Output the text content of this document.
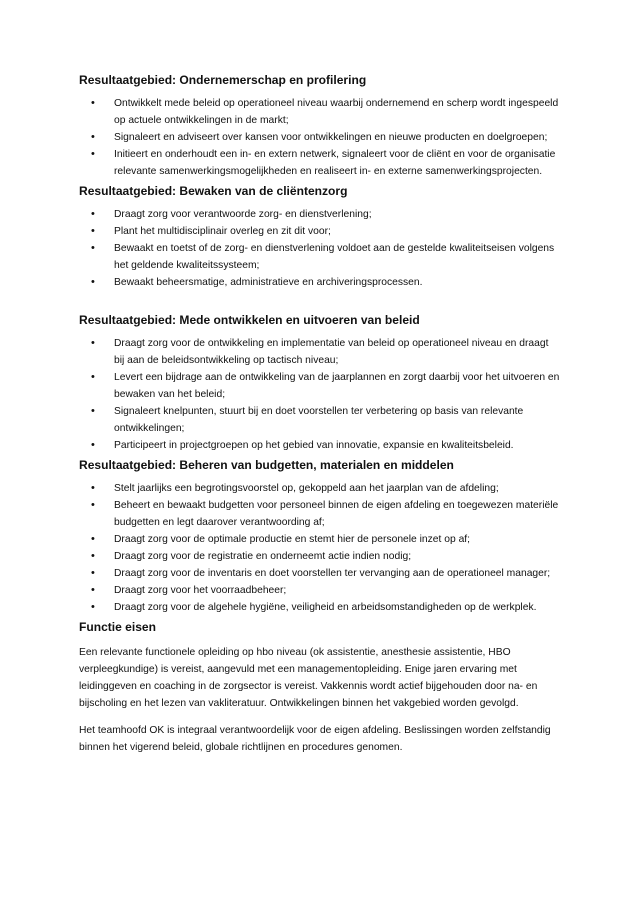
Resultaatgebied: Ondernemerschap en profilering
• Ontwikkelt mede beleid op operationeel niveau waarbij ondernemend en scherp wordt ingespeeld op actuele ontwikkelingen in de markt;
• Signaleert en adviseert over kansen voor ontwikkelingen en nieuwe producten en doelgroepen;
• Initieert en onderhoudt een in- en extern netwerk, signaleert voor de cliënt en voor de organisatie relevante samenwerkingsmogelijkheden en realiseert in- en externe samenwerkingsprojecten.
Resultaatgebied: Bewaken van de cliëntenzorg
• Draagt zorg voor verantwoorde zorg- en dienstverlening;
• Plant het multidisciplinair overleg en zit dit voor;
• Bewaakt en toetst of de zorg- en dienstverlening voldoet aan de gestelde kwaliteitseisen volgens het geldende kwaliteitssysteem;
• Bewaakt beheersmatige, administratieve en archiveringsprocessen.
Resultaatgebied: Mede ontwikkelen en uitvoeren van beleid
• Draagt zorg voor de ontwikkeling en implementatie van beleid op operationeel niveau en draagt bij aan de beleidsontwikkeling op tactisch niveau;
• Levert een bijdrage aan de ontwikkeling van de jaarplannen en zorgt daarbij voor het uitvoeren en bewaken van het beleid;
• Signaleert knelpunten, stuurt bij en doet voorstellen ter verbetering op basis van relevante ontwikkelingen;
• Participeert in projectgroepen op het gebied van innovatie, expansie en kwaliteitsbeleid.
Resultaatgebied: Beheren van budgetten, materialen en middelen
• Stelt jaarlijks een begrotingsvoorstel op, gekoppeld aan het jaarplan van de afdeling;
• Beheert en bewaakt budgetten voor personeel binnen de eigen afdeling en toegewezen materiële budgetten en legt daarover verantwoording af;
• Draagt zorg voor de optimale productie en stemt hier de personele inzet op af;
• Draagt zorg voor de registratie en onderneemt actie indien nodig;
• Draagt zorg voor de inventaris en doet voorstellen ter vervanging aan de operationeel manager;
• Draagt zorg voor het voorraadbeheer;
• Draagt zorg voor de algehele hygiëne, veiligheid en arbeidsomstandigheden op de werkplek.
Functie eisen

Een relevante functionele opleiding op hbo niveau (ok assistentie, anesthesie assistentie, HBO verpleegkundige) is vereist, aangevuld met een managementopleiding. Enige jaren ervaring met leidinggeven en coaching in de zorgsector is vereist. Vakkennis wordt actief bijgehouden door na- en bijscholing en het lezen van vakliteratuur. Ontwikkelingen binnen het vakgebied worden gevolgd.

Het teamhoofd OK is integraal verantwoordelijk voor de eigen afdeling. Beslissingen worden zelfstandig binnen het vigerend beleid, globale richtlijnen en procedures genomen.
